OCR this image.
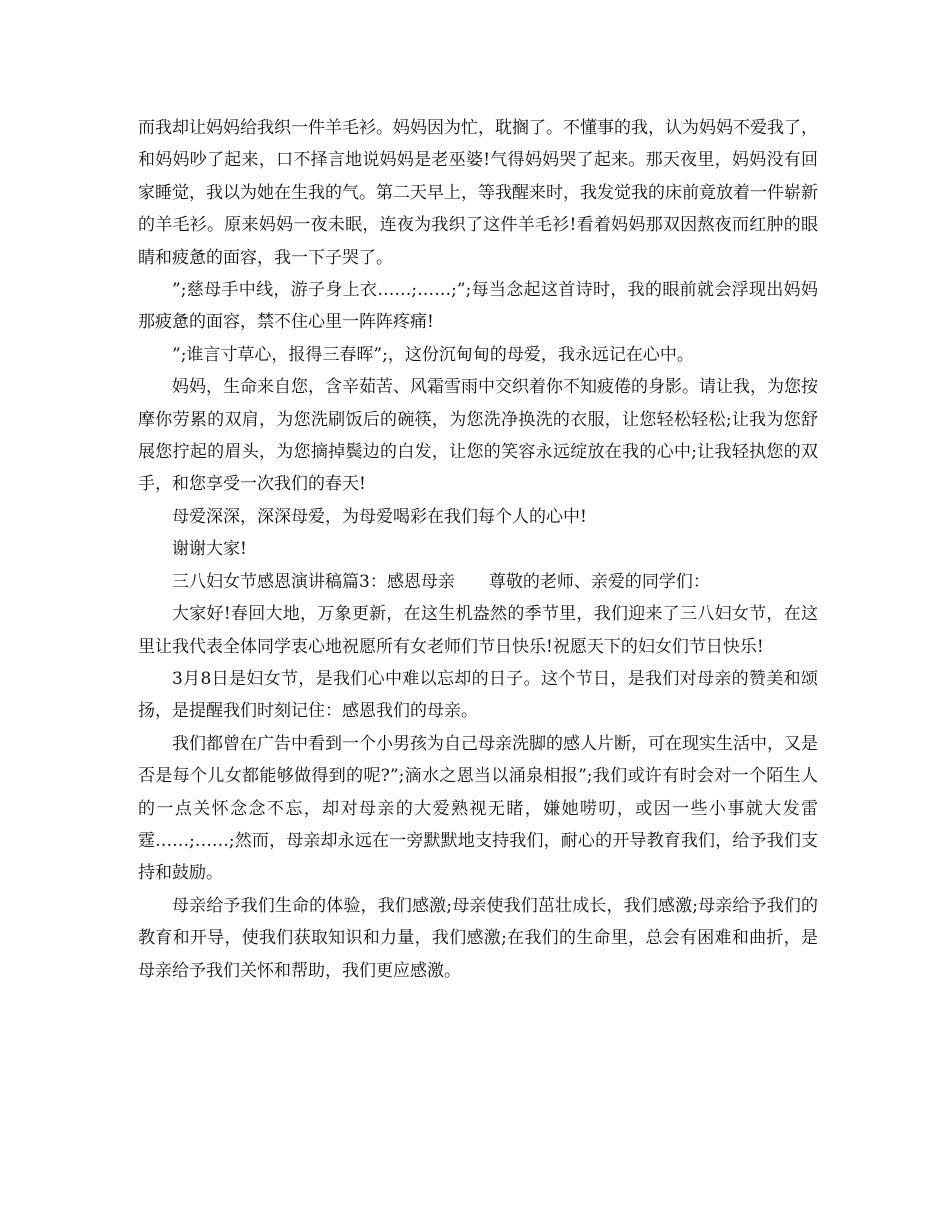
而我却让妈妈给我织一件羊毛衫。妈妈因为忙，耽搁了。不懂事的我，认为妈妈不爱我了，和妈妈吵了起来，口不择言地说妈妈是老巫婆!气得妈妈哭了起来。那天夜里，妈妈没有回家睡觉，我以为她在生我的气。第二天早上，等我醒来时，我发觉我的床前竟放着一件崭新的羊毛衫。原来妈妈一夜未眠，连夜为我织了这件羊毛衫!看着妈妈那双因熬夜而红肿的眼睛和疲惫的面容，我一下子哭了。

”;慈母手中线，游子身上衣……;……;”;每当念起这首诗时，我的眼前就会浮现出妈妈那疲惫的面容，禁不住心里一阵阵疼痛!

”;谁言寸草心，报得三春晖”;，这份沉甸甸的母爱，我永远记在心中。

妈妈，生命来自您，含辛茹苦、风霜雪雨中交织着你不知疲倦的身影。请让我，为您按摩你劳累的双肩，为您洗刷饭后的碗筷，为您洗净换洗的衣服，让您轻松轻松;让我为您舒展您拧起的眉头，为您摘掉鬓边的白发，让您的笑容永远绽放在我的心中;让我轻执您的双手，和您享受一次我们的春天!

母爱深深，深深母爱，为母爱喝彩在我们每个人的心中!

谢谢大家!

三八妇女节感恩演讲稿篇3：感恩母亲 尊敬的老师、亲爱的同学们：

大家好!春回大地，万象更新，在这生机盎然的季节里，我们迎来了三八妇女节，在这里让我代表全体同学衷心地祝愿所有女老师们节日快乐!祝愿天下的妇女们节日快乐!

3月8日是妇女节，是我们心中难以忘却的日子。这个节日，是我们对母亲的赞美和颂扬，是提醒我们时刻记住：感恩我们的母亲。

我们都曾在广告中看到一个小男孩为自己母亲洗脚的感人片断，可在现实生活中，又是否是每个儿女都能够做得到的呢?”;滴水之恩当以涌泉相报”;我们或许有时会对一个陌生人的一点关怀念念不忘，却对母亲的大爱熟视无睹，嫌她唠叨，或因一些小事就大发雷霆……;……;然而，母亲却永远在一旁默默地支持我们，耐心的开导教育我们，给予我们支持和鼓励。

母亲给予我们生命的体验，我们感激;母亲使我们茁壮成长，我们感激;母亲给予我们的教育和开导，使我们获取知识和力量，我们感激;在我们的生命里，总会有困难和曲折，是母亲给予我们关怀和帮助，我们更应感激。
